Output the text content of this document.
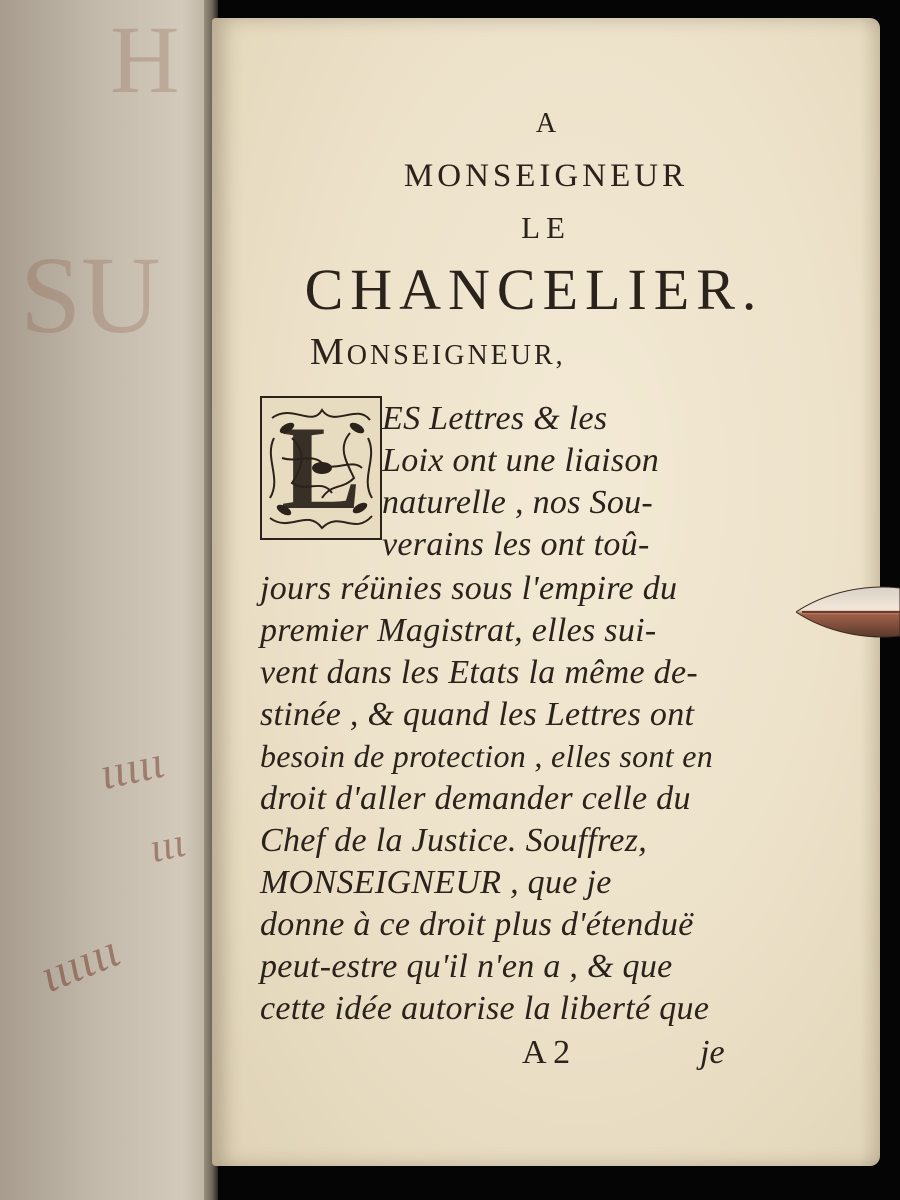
H
SU
ιιιιι
ιιι
ιιιιιι
A
MONSEIGNEUR
LE
CHANCELIER.
MONSEIGNEUR,
L ES Lettres & les
Loix ont une liaison
naturelle , nos Sou-
verains les ont toû-
jours réünies sous l'empire du
premier Magistrat, elles sui-
vent dans les Etats la même de-
stinée , & quand les Lettres ont
besoin de protection , elles sont en
droit d'aller demander celle du
Chef de la Justice. Souffrez,
MONSEIGNEUR , que je
donne à ce droit plus d'étenduë
peut-estre qu'il n'en a , & que
cette idée autorise la liberté que
A 2	je
